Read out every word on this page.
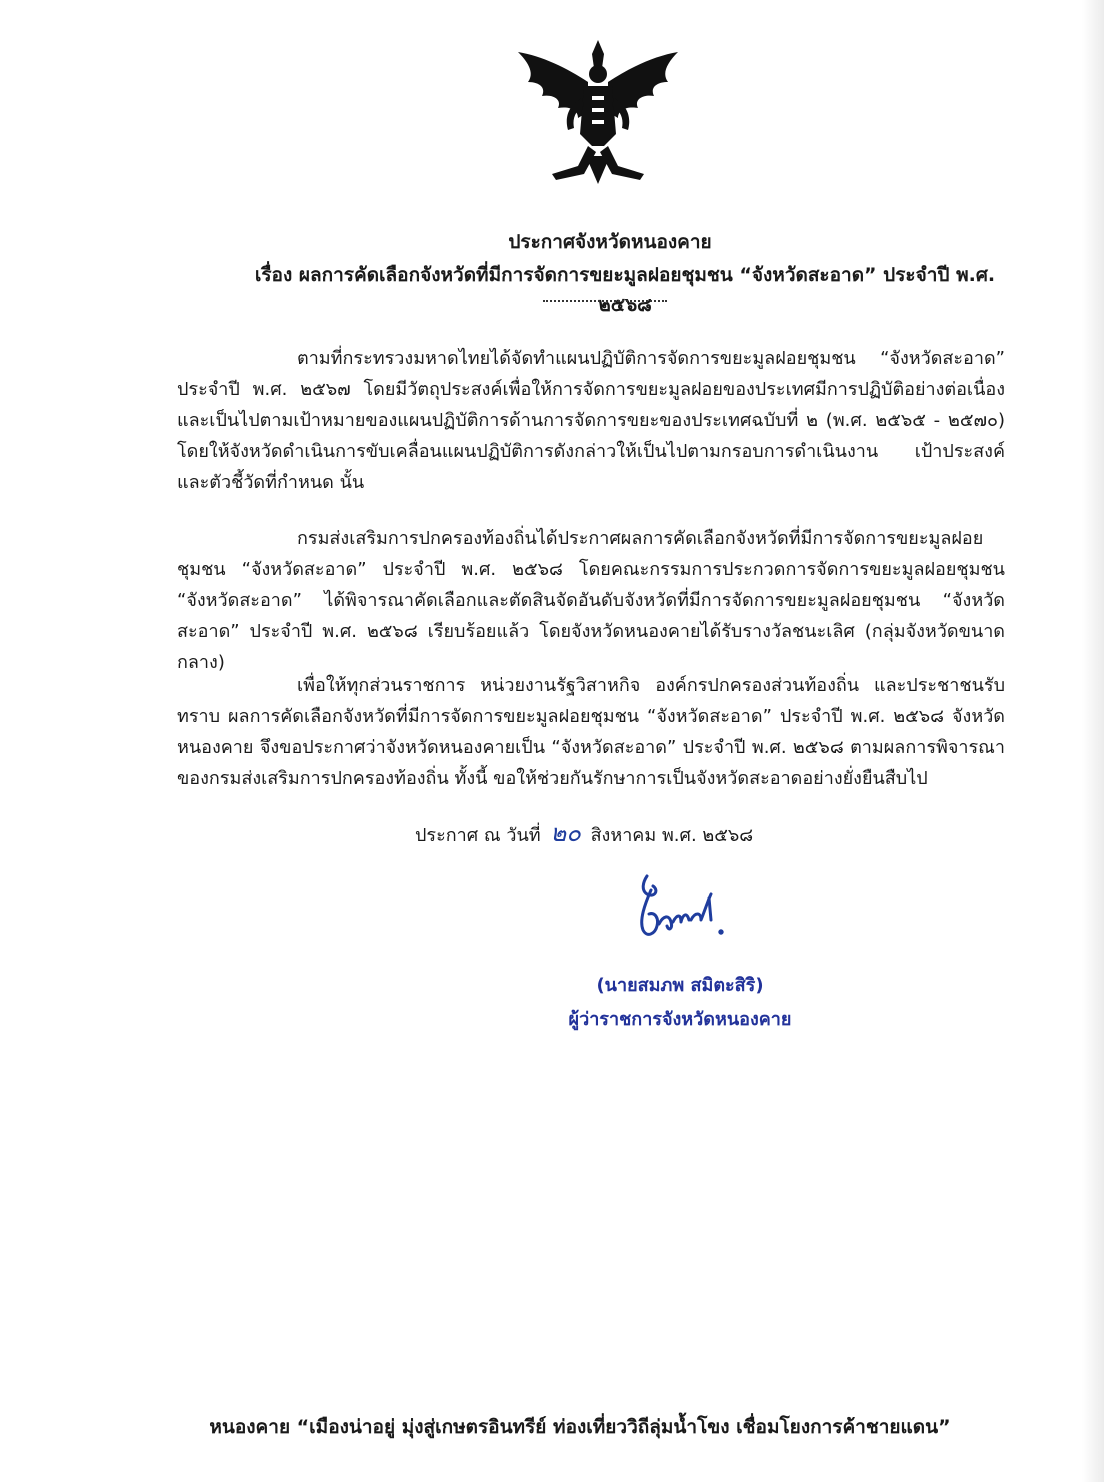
ประกาศจังหวัดหนองคาย
เรื่อง ผลการคัดเลือกจังหวัดที่มีการจัดการขยะมูลฝอยชุมชน “จังหวัดสะอาด” ประจำปี พ.ศ. ๒๕๖๘

ตามที่กระทรวงมหาดไทยได้จัดทำแผนปฏิบัติการจัดการขยะมูลฝอยชุมชน “จังหวัดสะอาด” ประจำปี พ.ศ. ๒๕๖๗ โดยมีวัตถุประสงค์เพื่อให้การจัดการขยะมูลฝอยของประเทศมีการปฏิบัติอย่างต่อเนื่อง และเป็นไปตามเป้าหมายของแผนปฏิบัติการด้านการจัดการขยะของประเทศฉบับที่ ๒ (พ.ศ. ๒๕๖๕ - ๒๕๗๐) โดยให้จังหวัดดำเนินการขับเคลื่อนแผนปฏิบัติการดังกล่าวให้เป็นไปตามกรอบการดำเนินงาน เป้าประสงค์ และตัวชี้วัดที่กำหนด นั้น

กรมส่งเสริมการปกครองท้องถิ่นได้ประกาศผลการคัดเลือกจังหวัดที่มีการจัดการขยะมูลฝอยชุมชน “จังหวัดสะอาด” ประจำปี พ.ศ. ๒๕๖๘ โดยคณะกรรมการประกวดการจัดการขยะมูลฝอยชุมชน “จังหวัดสะอาด” ได้พิจารณาคัดเลือกและตัดสินจัดอันดับจังหวัดที่มีการจัดการขยะมูลฝอยชุมชน “จังหวัดสะอาด” ประจำปี พ.ศ. ๒๕๖๘ เรียบร้อยแล้ว โดยจังหวัดหนองคายได้รับรางวัลชนะเลิศ (กลุ่มจังหวัดขนาดกลาง)

เพื่อให้ทุกส่วนราชการ หน่วยงานรัฐวิสาหกิจ องค์กรปกครองส่วนท้องถิ่น และประชาชนรับทราบ ผลการคัดเลือกจังหวัดที่มีการจัดการขยะมูลฝอยชุมชน “จังหวัดสะอาด” ประจำปี พ.ศ. ๒๕๖๘ จังหวัดหนองคาย จึงขอประกาศว่าจังหวัดหนองคายเป็น “จังหวัดสะอาด” ประจำปี พ.ศ. ๒๕๖๘ ตามผลการพิจารณา ของกรมส่งเสริมการปกครองท้องถิ่น ทั้งนี้ ขอให้ช่วยกันรักษาการเป็นจังหวัดสะอาดอย่างยั่งยืนสืบไป

ประกาศ ณ วันที่ ๒๐ สิงหาคม พ.ศ. ๒๕๖๘
(นายสมภพ สมิตะสิริ)
ผู้ว่าราชการจังหวัดหนองคาย
หนองคาย “เมืองน่าอยู่ มุ่งสู่เกษตรอินทรีย์ ท่องเที่ยววิถีลุ่มน้ำโขง เชื่อมโยงการค้าชายแดน”
